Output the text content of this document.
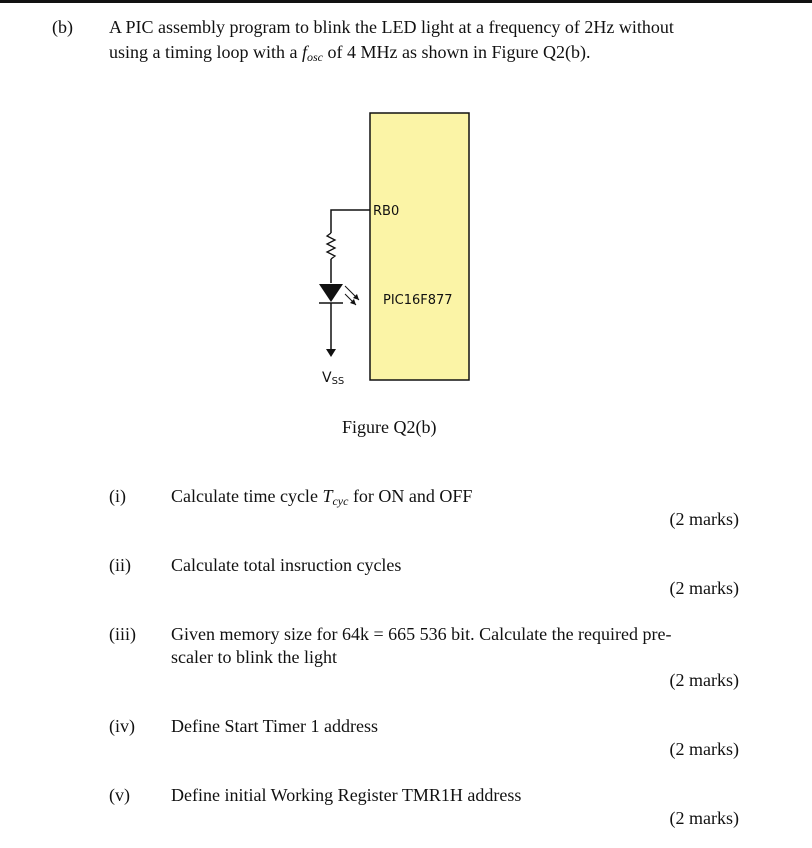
(b) A PIC assembly program to blink the LED light at a frequency of 2Hz without
using a timing loop with a $f_{osc}$ of 4 MHz as shown in Figure Q2(b).
RB0
PIC16F877
VSS
Figure Q2(b)
(i)	Calculate time cycle $T_{cyc}$ for ON and OFF
(2 marks)
(ii) Calculate total insruction cycles
(2 marks)
(iii) Given memory size for 64k = 665 536 bit. Calculate the required pre-
scaler to blink the light
(2 marks)
(iv) Define Start Timer 1 address
(2 marks)
(v) Define initial Working Register TMR1H address
(2 marks)
